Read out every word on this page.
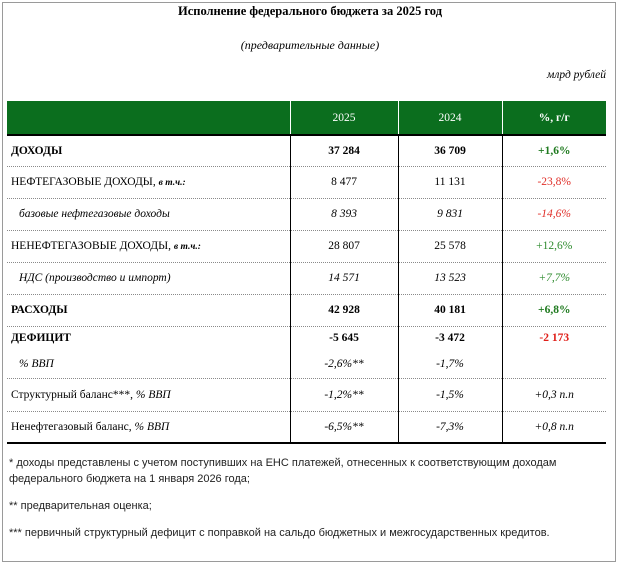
Исполнение федерального бюджета за 2025 год
(предварительные данные)
млрд рублей
	2025	2024	%, г/г
ДОХОДЫ	37 284	36 709	+1,6%
НЕФТЕГАЗОВЫЕ ДОХОДЫ, в т.ч.:	8 477	11 131	-23,8%
базовые нефтегазовые доходы	8 393	9 831	-14,6%
НЕНЕФТЕГАЗОВЫЕ ДОХОДЫ, в т.ч.:	28 807	25 578	+12,6%
НДС (производство и импорт)	14 571	13 523	+7,7%
РАСХОДЫ	42 928	40 181	+6,8%
ДЕФИЦИТ	-5 645	-3 472	-2 173
% ВВП	-2,6%**	-1,7%	
Структурный баланс***, % ВВП	-1,2%**	-1,5%	+0,3 п.п
Ненефтегазовый баланс, % ВВП	-6,5%**	-7,3%	+0,8 п.п

* доходы представлены с учетом поступивших на ЕНС платежей, отнесенных к соответствующим доходам федерального бюджета на 1 января 2026 года;

** предварительная оценка;

*** первичный структурный дефицит с поправкой на сальдо бюджетных и межгосударственных кредитов.
